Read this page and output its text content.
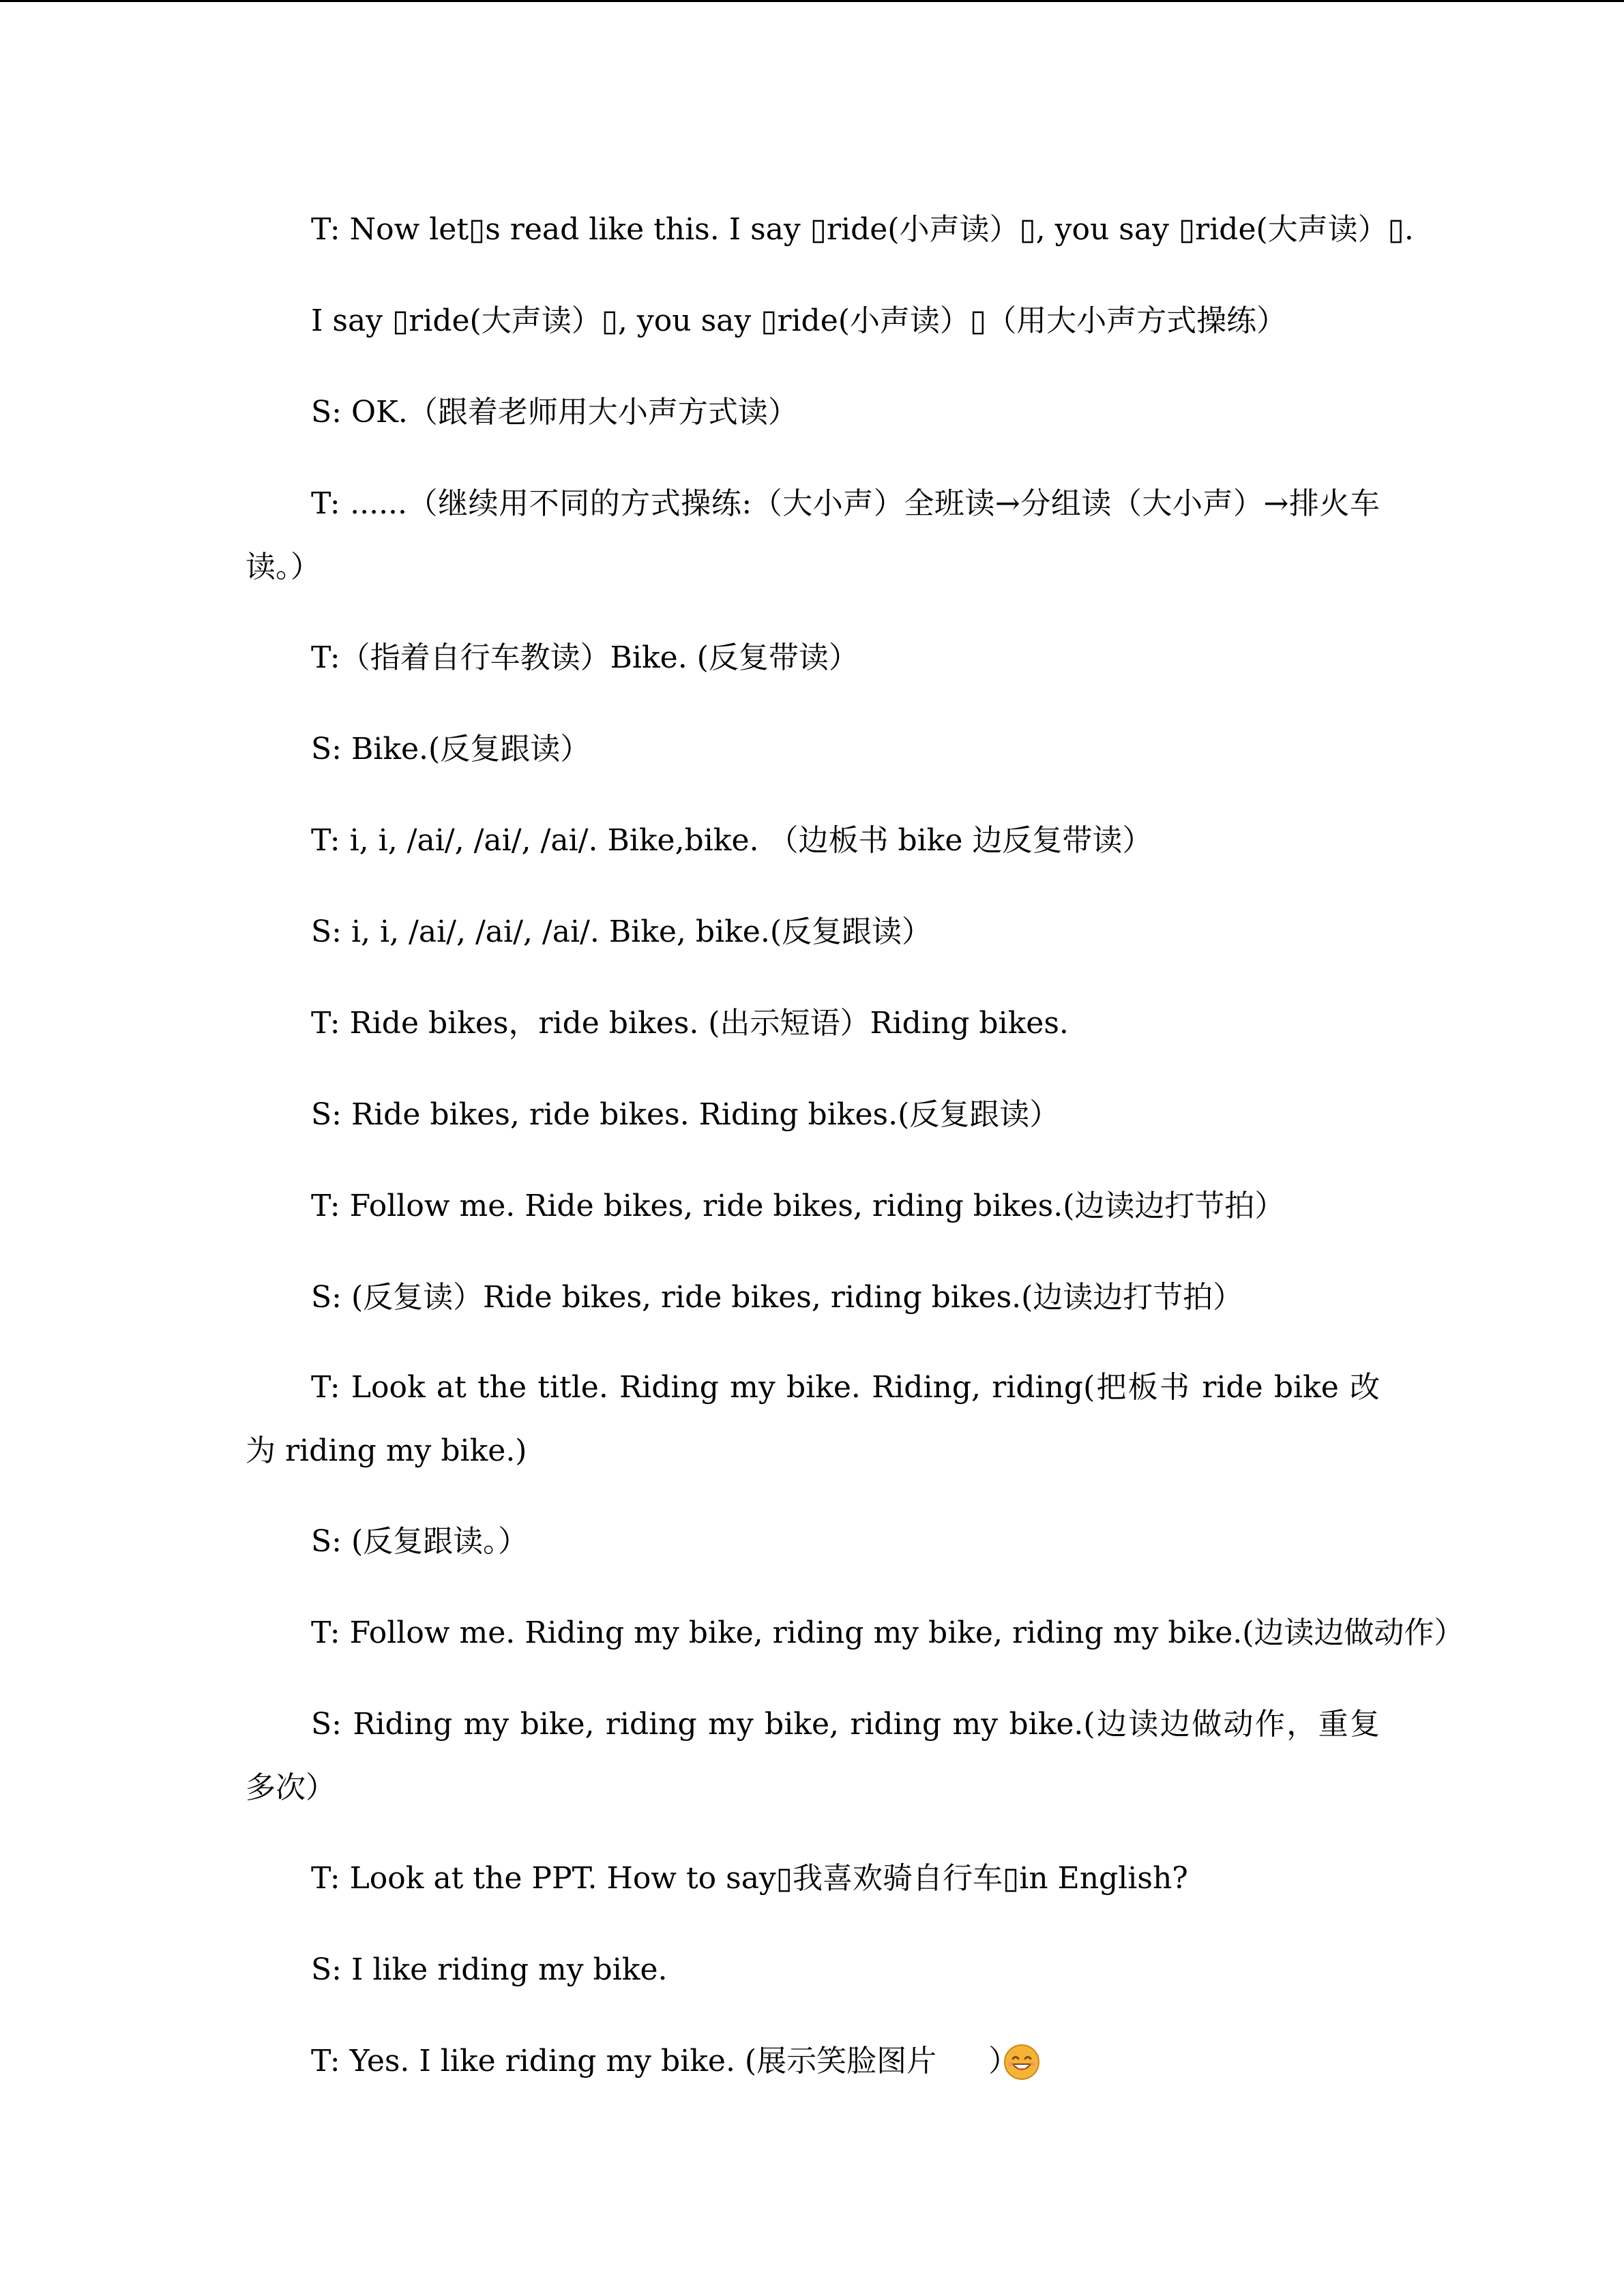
T: Now let▯s read like this. I say ▯ride(小声读）▯, you say ▯ride(大声读）▯.

I say ▯ride(大声读）▯, you say ▯ride(小声读）▯（用大小声方式操练）

S: OK.（跟着老师用大小声方式读）

T: ......（继续用不同的方式操练:（大小声）全班读→分组读（大小声）→排火车读。）

T:（指着自行车教读）Bike. (反复带读）

S: Bike.(反复跟读）

T: i, i, /ai/, /ai/, /ai/. Bike,bike. （边板书 bike 边反复带读）

S: i, i, /ai/, /ai/, /ai/. Bike, bike.(反复跟读）

T: Ride bikes，ride bikes. (出示短语）Riding bikes.

S: Ride bikes, ride bikes. Riding bikes.(反复跟读）

T: Follow me. Ride bikes, ride bikes, riding bikes.(边读边打节拍）

S: (反复读）Ride bikes, ride bikes, riding bikes.(边读边打节拍）

T: Look at the title. Riding my bike. Riding, riding(把板书 ride bike 改为 riding my bike.)

S: (反复跟读。）

T: Follow me. Riding my bike, riding my bike, riding my bike.(边读边做动作）

S: Riding my bike, riding my bike, riding my bike.(边读边做动作，重复多次）

T: Look at the PPT. How to say▯我喜欢骑自行车▯in English?

S: I like riding my bike.

T: Yes. I like riding my bike. (展示笑脸图片 ）
